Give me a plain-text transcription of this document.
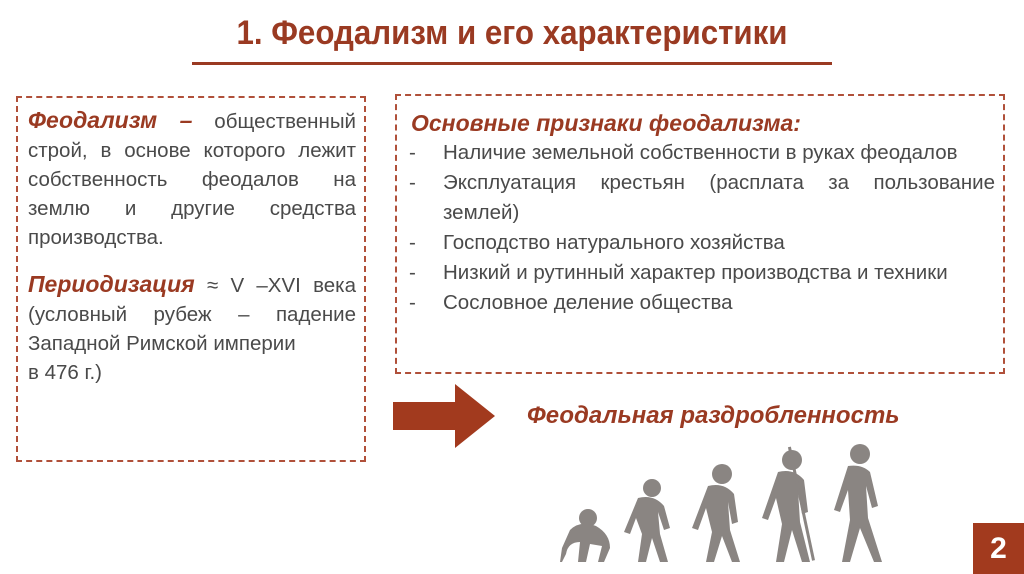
1. Феодализм и его характеристики

Феодализм – общественный строй, в основе которого лежит собственность феодалов на землю и другие средства производства.

Периодизация ≈ V –XVI века (условный рубеж – падение Западной Римской империи

в 476 г.)

Основные признаки феодализма:

- Наличие земельной собственности в руках феодалов
- Эксплуатация крестьян (расплата за пользование землей)
- Господство натурального хозяйства
- Низкий и рутинный характер производства и техники
- Сословное деление общества
Феодальная раздробленность
2
